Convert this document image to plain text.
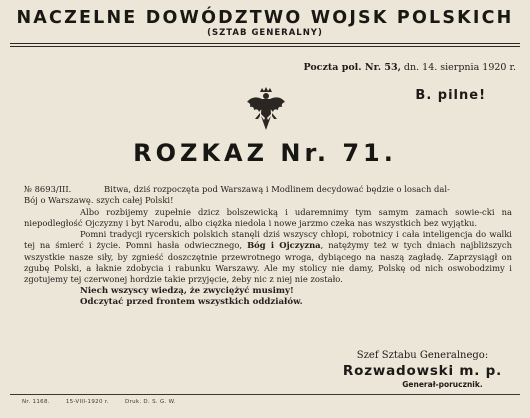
NACZELNE DOWÓDZTWO WOJSK POLSKICH
(SZTAB GENERALNY)
Poczta pol. Nr. 53, dn. 14. sierpnia 1920 r.
B. pilne!
ROZKAZ Nr. 71.

№ 8693/III.	Bitwa, dziś rozpoczęta pod Warszawą i Modlinem decydować będzie o losach dal-

Bój o Warszawę. szych całej Polski!

Albo rozbijemy zupełnie dzicz bolszewicką i udaremnimy tym samym zamach sowie-cki na niepodległość Ojczyzny i byt Narodu, albo ciężka niedola i nowe jarzmo czeka nas wszystkich bez wyjątku.

Pomni tradycji rycerskich polskich stanęli dziś wszyscy chłopi, robotnicy i cała inteligencja do walki tej na śmierć i życie. Pomni hasła odwiecznego, Bóg i Ojczyzna, natężymy też w tych dniach najbliższych wszystkie nasze siły, by zgnieść doszczętnie przewrotnego wroga, dybiącego na naszą zagładę. Zaprzysiągł on zgubę Polski, a łaknie zdobycia i rabunku Warszawy. Ale my stolicy nie damy, Polskę od nich oswobodzimy i zgotujemy tej czerwonej hordzie takie przyjęcie, żeby nic z niej nie zostało.

Niech wszyscy wiedzą, że zwyciężyć musimy!

Odczytać przed frontem wszystkich oddziałów.

Szef Sztabu Generalnego:
Rozwadowski m. p.
Generał-porucznik.
Nr. 1168.	15-VIII-1920 r.	Druk. D. S. G. W.
